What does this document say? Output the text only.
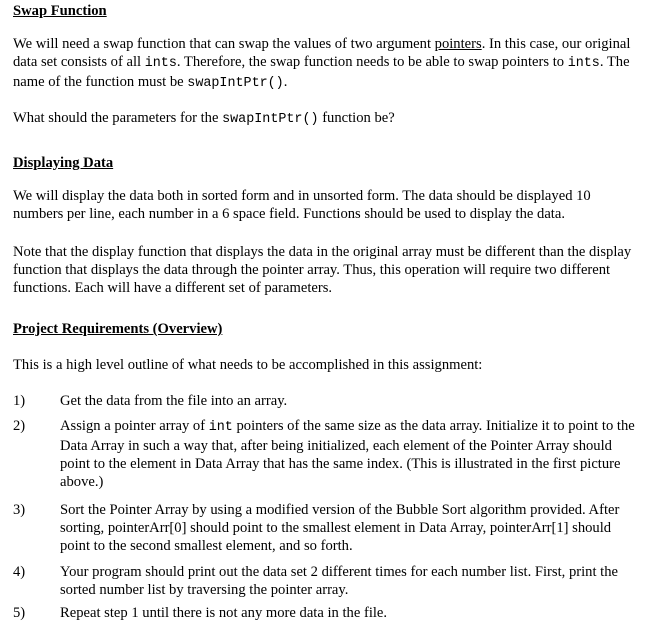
Swap Function

We will need a swap function that can swap the values of two argument pointers. In this case, our original data set consists of all ints. Therefore, the swap function needs to be able to swap pointers to ints. The name of the function must be swapIntPtr().

What should the parameters for the swapIntPtr() function be?

Displaying Data

We will display the data both in sorted form and in unsorted form. The data should be displayed 10 numbers per line, each number in a 6 space field. Functions should be used to display the data.

Note that the display function that displays the data in the original array must be different than the display function that displays the data through the pointer array. Thus, this operation will require two different functions. Each will have a different set of parameters.

Project Requirements (Overview)

This is a high level outline of what needs to be accomplished in this assignment:

1)	Get the data from the file into an array.
2)	Assign a pointer array of int pointers of the same size as the data array. Initialize it to point to the Data Array in such a way that, after being initialized, each element of the Pointer Array should point to the element in Data Array that has the same index. (This is illustrated in the first picture above.)
3)	Sort the Pointer Array by using a modified version of the Bubble Sort algorithm provided. After sorting, pointerArr[0] should point to the smallest element in Data Array, pointerArr[1] should point to the second smallest element, and so forth.
4)	Your program should print out the data set 2 different times for each number list. First, print the sorted number list by traversing the pointer array.
5)	Repeat step 1 until there is not any more data in the file.
